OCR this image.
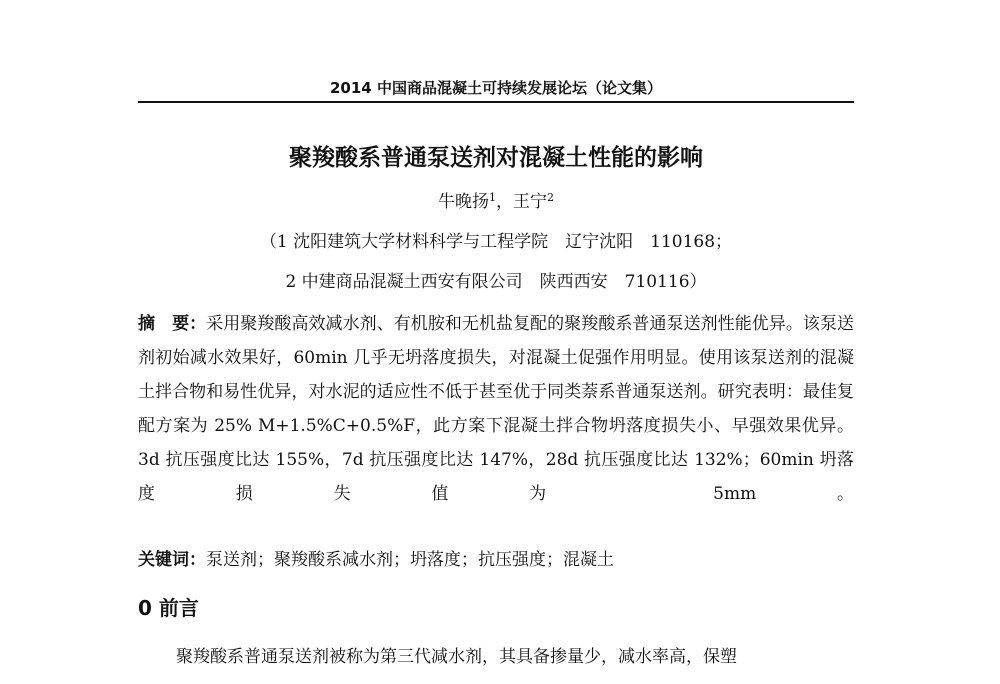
2014 中国商品混凝土可持续发展论坛（论文集）
聚羧酸系普通泵送剂对混凝土性能的影响
牛晚扬$^1$，王宁$^2$
（1 沈阳建筑大学材料科学与工程学院　辽宁沈阳　110168；
2 中建商品混凝土西安有限公司　陕西西安　710116）

摘　要：采用聚羧酸高效减水剂、有机胺和无机盐复配的聚羧酸系普通泵送剂性能优异。该泵送剂初始减水效果好，60min 几乎无坍落度损失，对混凝土促强作用明显。使用该泵送剂的混凝土拌合物和易性优异，对水泥的适应性不低于甚至优于同类萘系普通泵送剂。研究表明：最佳复配方案为 25% M+1.5%C+0.5%F，此方案下混凝土拌合物坍落度损失小、早强效果优异。3d 抗压强度比达 155%，7d 抗压强度比达 147%，28d 抗压强度比达 132%；60min 坍落度损失值为 5mm。

关键词：泵送剂；聚羧酸系减水剂；坍落度；抗压强度；混凝土
0 前言
聚羧酸系普通泵送剂被称为第三代减水剂，其具备掺量少，减水率高，保塑
